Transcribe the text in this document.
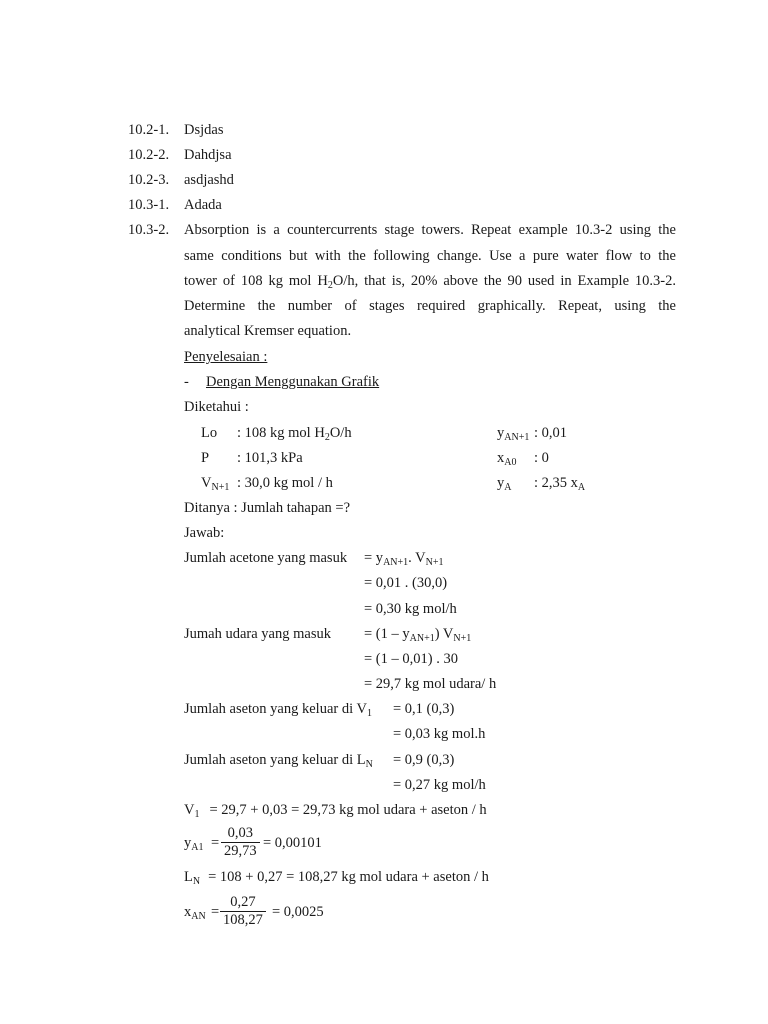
10.2-1. Dsjdas
10.2-2. Dahdjsa
10.2-3. asdjashd
10.3-1. Adada
10.3-2. Absorption is a countercurrents stage towers. Repeat example 10.3-2 using the
same conditions but with the following change. Use a pure water flow to the
tower of 108 kg mol $H_2O/h$, that is, 20% above the 90 used in Example 10.3-2.
Determine the number of stages required graphically. Repeat, using the
analytical Kremser equation.
Penyelesaian :
- Dengan Menggunakan Grafik
Diketahui :
Lo : 108 kg mol $H_2O/h$
P : 101,3 kPa
$V_{N+1}$ : 30,0 kg mol / h
$y_{AN+1}$ : 0,01
$x_{A0}$ : 0
$y_A$ : 2,35 $x_A$
Ditanya : Jumlah tahapan =?
Jawab:
Jumlah acetone yang masuk = $y_{AN+1}$. $V_{N+1}$
= 0,01 . (30,0)
= 0,30 kg mol/h
Jumah udara yang masuk = $(1 - y_{AN+1})$ $V_{N+1}$
= (1 – 0,01) . 30
= 29,7 kg mol udara/ h
Jumlah aseton yang keluar di $V_1 = 0,1$ (0,3)
= 0,03 kg mol.h
Jumlah aseton yang keluar di $L_N = 0,9$ (0,3)
= 0,27 kg mol/h
$V_1 = 29,7 + 0,03 = 29,73$ kg mol udara + aseton / h
$y_{A1} = \frac{0,03}{29,73} = 0,00101$
$L_N = 108 + 0,27 = 108,27$ kg mol udara + aseton / h
$x_{AN} = \frac{0,27}{108,27} = 0,0025$
